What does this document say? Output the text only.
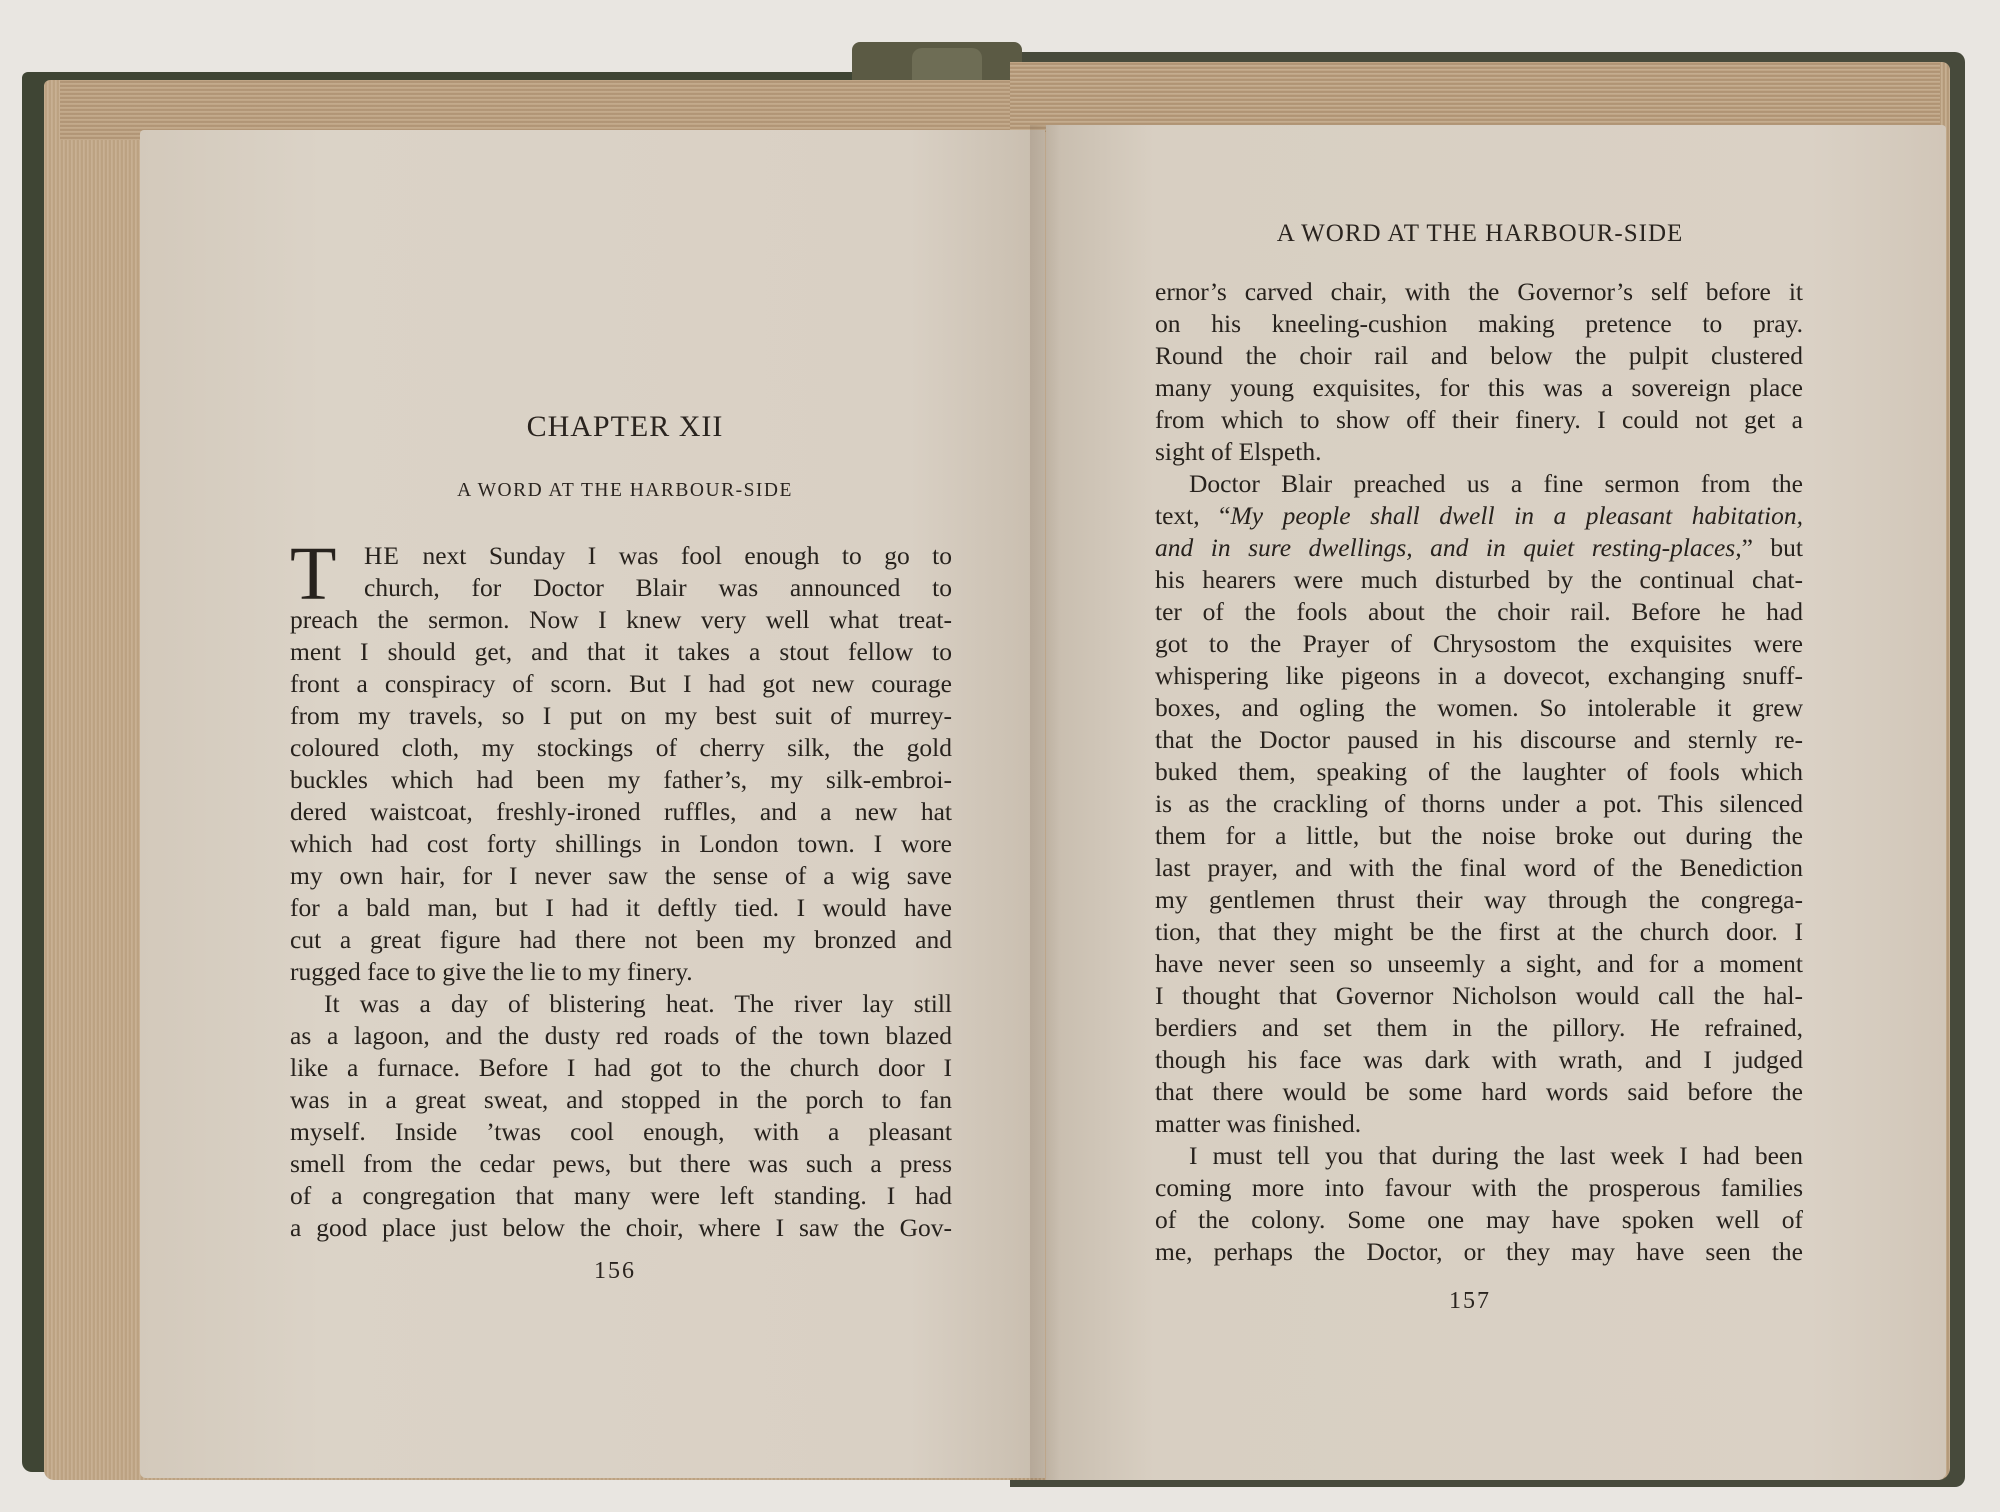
CHAPTER XII
A WORD AT THE HARBOUR-SIDE
T	HE next Sunday I was fool enough to go to
church, for Doctor Blair was announced to
preach the sermon. Now I knew very well what treat-
ment I should get, and that it takes a stout fellow to
front a conspiracy of scorn. But I had got new courage
from my travels, so I put on my best suit of murrey-
coloured cloth, my stockings of cherry silk, the gold
buckles which had been my father’s, my silk-embroi-
dered waistcoat, freshly-ironed ruffles, and a new hat
which had cost forty shillings in London town. I wore
my own hair, for I never saw the sense of a wig save
for a bald man, but I had it deftly tied. I would have
cut a great figure had there not been my bronzed and
rugged face to give the lie to my finery.
It was a day of blistering heat. The river lay still
as a lagoon, and the dusty red roads of the town blazed
like a furnace. Before I had got to the church door I
was in a great sweat, and stopped in the porch to fan
myself. Inside ’twas cool enough, with a pleasant
smell from the cedar pews, but there was such a press
of a congregation that many were left standing. I had
a good place just below the choir, where I saw the Gov-
156
A WORD AT THE HARBOUR-SIDE
ernor’s carved chair, with the Governor’s self before it
on his kneeling-cushion making pretence to pray.
Round the choir rail and below the pulpit clustered
many young exquisites, for this was a sovereign place
from which to show off their finery. I could not get a
sight of Elspeth.
Doctor Blair preached us a fine sermon from the
text, “My people shall dwell in a pleasant habitation,
and in sure dwellings, and in quiet resting-places,” but
his hearers were much disturbed by the continual chat-
ter of the fools about the choir rail. Before he had
got to the Prayer of Chrysostom the exquisites were
whispering like pigeons in a dovecot, exchanging snuff-
boxes, and ogling the women. So intolerable it grew
that the Doctor paused in his discourse and sternly re-
buked them, speaking of the laughter of fools which
is as the crackling of thorns under a pot. This silenced
them for a little, but the noise broke out during the
last prayer, and with the final word of the Benediction
my gentlemen thrust their way through the congrega-
tion, that they might be the first at the church door. I
have never seen so unseemly a sight, and for a moment
I thought that Governor Nicholson would call the hal-
berdiers and set them in the pillory. He refrained,
though his face was dark with wrath, and I judged
that there would be some hard words said before the
matter was finished.
I must tell you that during the last week I had been
coming more into favour with the prosperous families
of the colony. Some one may have spoken well of
me, perhaps the Doctor, or they may have seen the
157
